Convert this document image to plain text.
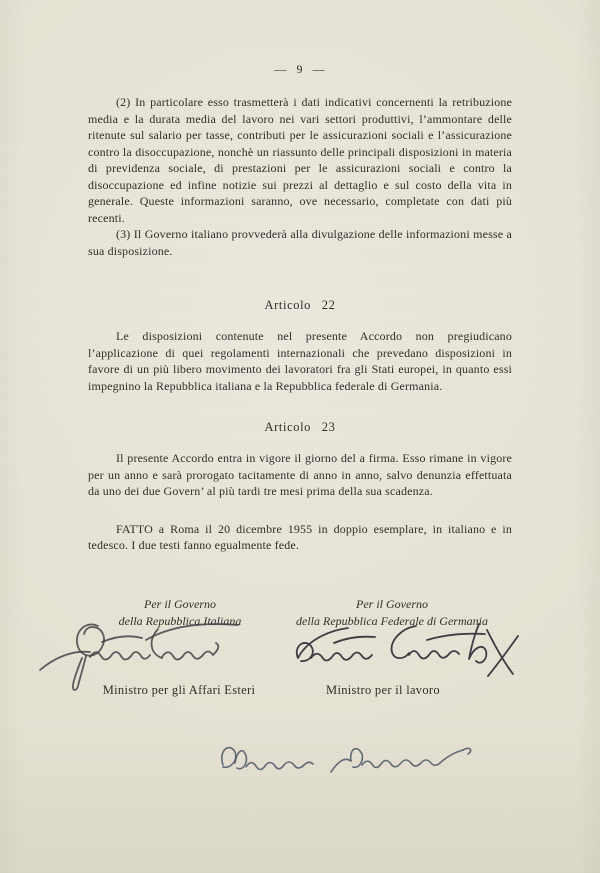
— 9 —

(2) In particolare esso trasmetterà i dati indicativi concernenti la retribuzione media e la durata media del lavoro nei vari settori produttivi, l’ammontare delle ritenute sul salario per tasse, contributi per le assicurazioni sociali e l’assicurazione contro la disoccupazione, nonchè un riassunto delle principali disposizioni in materia di previdenza sociale, di prestazioni per le assicurazioni sociali e contro la disoccupazione ed infine notizie sui prezzi al dettaglio e sul costo della vita in generale. Queste informazioni saranno, ove necessario, completate con dati più recenti.

(3) Il Governo italiano provvederà alla divulgazione delle informazioni messe a sua disposizione.

Articolo 22

Le disposizioni contenute nel presente Accordo non pregiudicano l’applicazione di quei regolamenti internazionali che prevedano disposizioni in favore di un più libero movimento dei lavoratori fra gli Stati europei, in quanto essi impegnino la Repubblica italiana e la Repubblica federale di Germania.

Articolo 23

Il presente Accordo entra in vigore il giorno del a firma. Esso rimane in vigore per un anno e sarà prorogato tacitamente di anno in anno, salvo denunzia effettuata da uno dei due Govern’ al più tardi tre mesi prima della sua scadenza.

FATTO a Roma il 20 dicembre 1955 in doppio esemplare, in italiano e in tedesco. I due testi fanno egualmente fede.

Per il Governo
della Repubblica Italiana
Per il Governo
della Repubblica Federale di Germania
Ministro per gli Affari Esteri	Ministro per il lavoro
